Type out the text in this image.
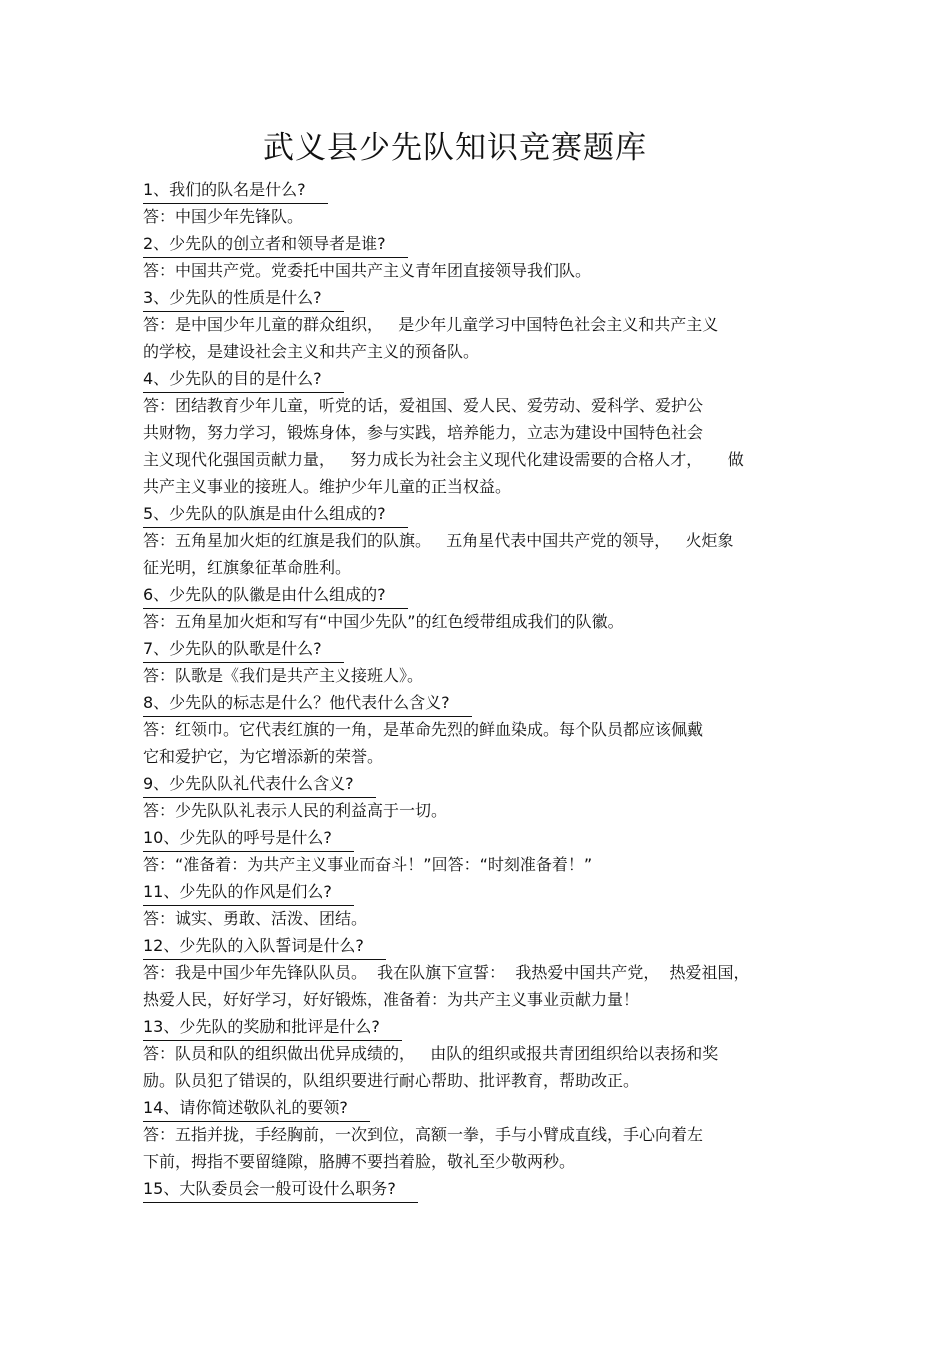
武义县少先队知识竞赛题库
1、我们的队名是什么?

答：中国少年先锋队。

2、少先队的创立者和领导者是谁?

答：中国共产党。党委托中国共产主义青年团直接领导我们队。

3、少先队的性质是什么?

答：是中国少年儿童的群众组织，   是少年儿童学习中国特色社会主义和共产主义

的学校，是建设社会主义和共产主义的预备队。

4、少先队的目的是什么?

答：团结教育少年儿童，听党的话，爱祖国、爱人民、爱劳动、爱科学、爱护公

共财物，努力学习，锻炼身体，参与实践，培养能力，立志为建设中国特色社会

主义现代化强国贡献力量，   努力成长为社会主义现代化建设需要的合格人才，     做

共产主义事业的接班人。维护少年儿童的正当权益。

5、少先队的队旗是由什么组成的?

答：五角星加火炬的红旗是我们的队旗。   五角星代表中国共产党的领导，   火炬象

征光明，红旗象征革命胜利。

6、少先队的队徽是由什么组成的?

答：五角星加火炬和写有“中国少先队”的红色绶带组成我们的队徽。

7、少先队的队歌是什么?

答：队歌是《我们是共产主义接班人》。

8、少先队的标志是什么？他代表什么含义?

答：红领巾。它代表红旗的一角，是革命先烈的鲜血染成。每个队员都应该佩戴

它和爱护它，为它增添新的荣誉。

9、少先队队礼代表什么含义?

答：少先队队礼表示人民的利益高于一切。

10、少先队的呼号是什么?

答：“准备着：为共产主义事业而奋斗！”回答：“时刻准备着！”

11、少先队的作风是们么?

答：诚实、勇敢、活泼、团结。

12、少先队的入队誓词是什么?

答：我是中国少年先锋队队员。  我在队旗下宣誓：  我热爱中国共产党，  热爱祖国，

热爱人民，好好学习，好好锻炼，准备着：为共产主义事业贡献力量！

13、少先队的奖励和批评是什么?

答：队员和队的组织做出优异成绩的，   由队的组织或报共青团组织给以表扬和奖

励。队员犯了错误的，队组织要进行耐心帮助、批评教育，帮助改正。

14、请你简述敬队礼的要领?

答：五指并拢，手经胸前，一次到位，高额一拳，手与小臂成直线，手心向着左

下前，拇指不要留缝隙，胳膊不要挡着脸，敬礼至少敬两秒。

15、大队委员会一般可设什么职务?
